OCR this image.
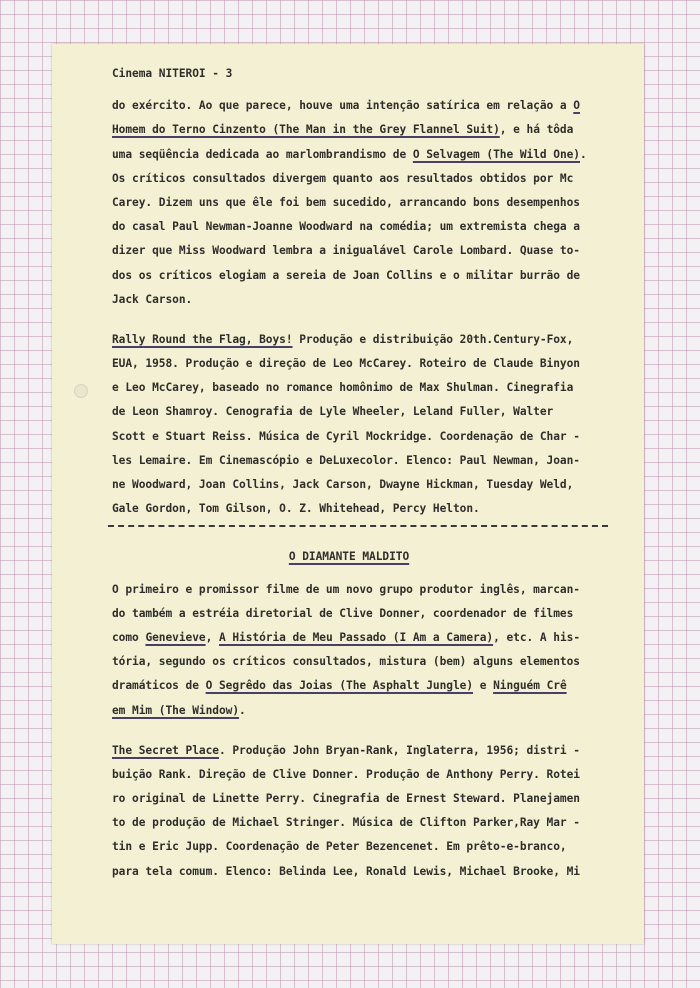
Cinema NITEROI - 3
do exército. Ao que parece, houve uma intenção satírica em relação a O
Homem do Terno Cinzento (The Man in the Grey Flannel Suit), e há tôda
uma seqüência dedicada ao marlombrandismo de O Selvagem (The Wild One).
Os críticos consultados divergem quanto aos resultados obtidos por Mc
Carey. Dizem uns que êle foi bem sucedido, arrancando bons desempenhos
do casal Paul Newman-Joanne Woodward na comédia; um extremista chega a
dizer que Miss Woodward lembra a inigualável Carole Lombard. Quase to-
dos os críticos elogiam a sereia de Joan Collins e o militar burrão de
Jack Carson.
Rally Round the Flag, Boys! Produção e distribuição 20th.Century-Fox,
EUA, 1958. Produção e direção de Leo McCarey. Roteiro de Claude Binyon
e Leo McCarey, baseado no romance homônimo de Max Shulman. Cinegrafia
de Leon Shamroy. Cenografia de Lyle Wheeler, Leland Fuller, Walter
Scott e Stuart Reiss. Música de Cyril Mockridge. Coordenação de Char -
les Lemaire. Em Cinemascópio e DeLuxecolor. Elenco: Paul Newman, Joan-
ne Woodward, Joan Collins, Jack Carson, Dwayne Hickman, Tuesday Weld,
Gale Gordon, Tom Gilson, O. Z. Whitehead, Percy Helton.
O DIAMANTE MALDITO
O primeiro e promissor filme de um novo grupo produtor inglês, marcan-
do também a estréia diretorial de Clive Donner, coordenador de filmes
como Genevieve, A História de Meu Passado (I Am a Camera), etc. A his-
tória, segundo os críticos consultados, mistura (bem) alguns elementos
dramáticos de O Segrêdo das Joias (The Asphalt Jungle) e Ninguém Crê
em Mim (The Window).
The Secret Place. Produção John Bryan-Rank, Inglaterra, 1956; distri -
buição Rank. Direção de Clive Donner. Produção de Anthony Perry. Rotei
ro original de Linette Perry. Cinegrafia de Ernest Steward. Planejamen
to de produção de Michael Stringer. Música de Clifton Parker,Ray Mar -
tin e Eric Jupp. Coordenação de Peter Bezencenet. Em prêto-e-branco,
para tela comum. Elenco: Belinda Lee, Ronald Lewis, Michael Brooke, Mi
